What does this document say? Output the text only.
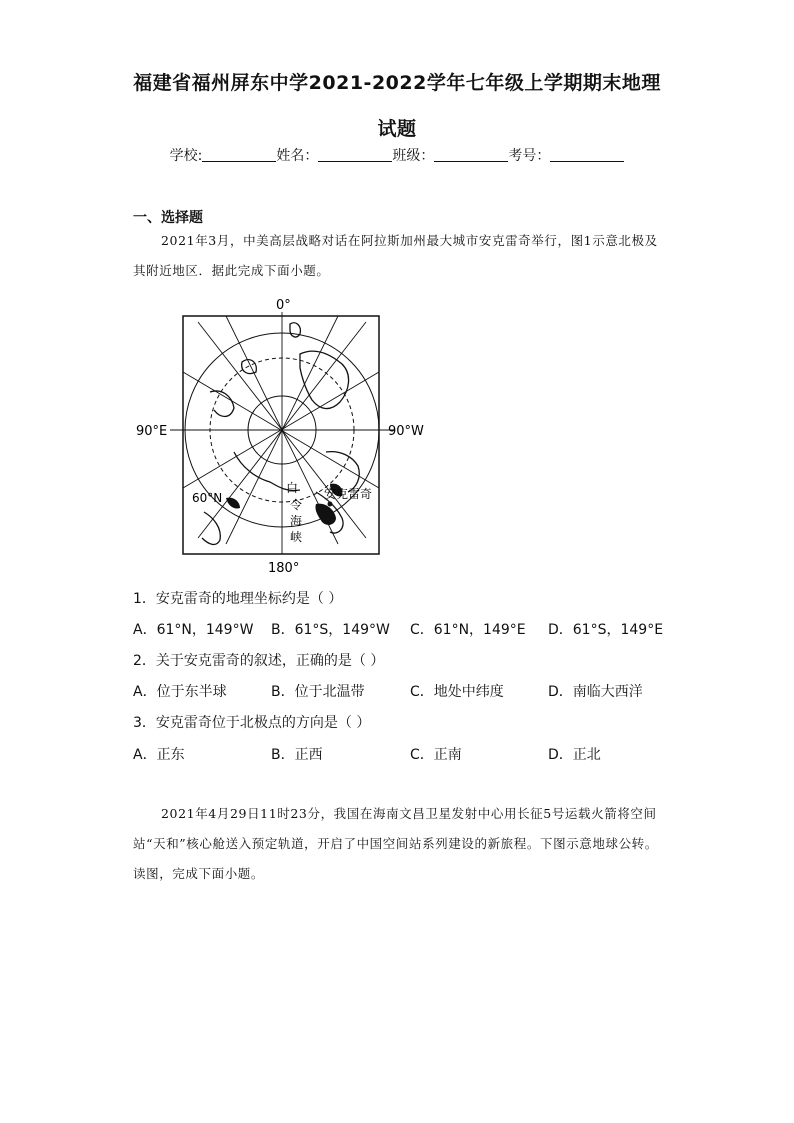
福建省福州屏东中学2021-2022学年七年级上学期期末地理
试题
学校:	姓名：	班级：	考号：
一、选择题
2021年3月，中美高层战略对话在阿拉斯加州最大城市安克雷奇举行，图1示意北极及其附近地区．据此完成下面小题。
0°
90°E	90°W
180°
60°N	安克雷奇
白
令
海
峡
1．安克雷奇的地理坐标约是（ ）
A．61°N，149°W B．61°S，149°W C．61°N，149°E D．61°S，149°E
2．关于安克雷奇的叙述，正确的是（ ）
A．位于东半球	B．位于北温带	C．地处中纬度	D．南临大西洋
3．安克雷奇位于北极点的方向是（ ）
A．正东	B．正西	C．正南	D．正北
2021年4月29日11时23分，我国在海南文昌卫星发射中心用长征5号运载火箭将空间站“天和”核心舱送入预定轨道，开启了中国空间站系列建设的新旅程。下图示意地球公转。读图，完成下面小题。
